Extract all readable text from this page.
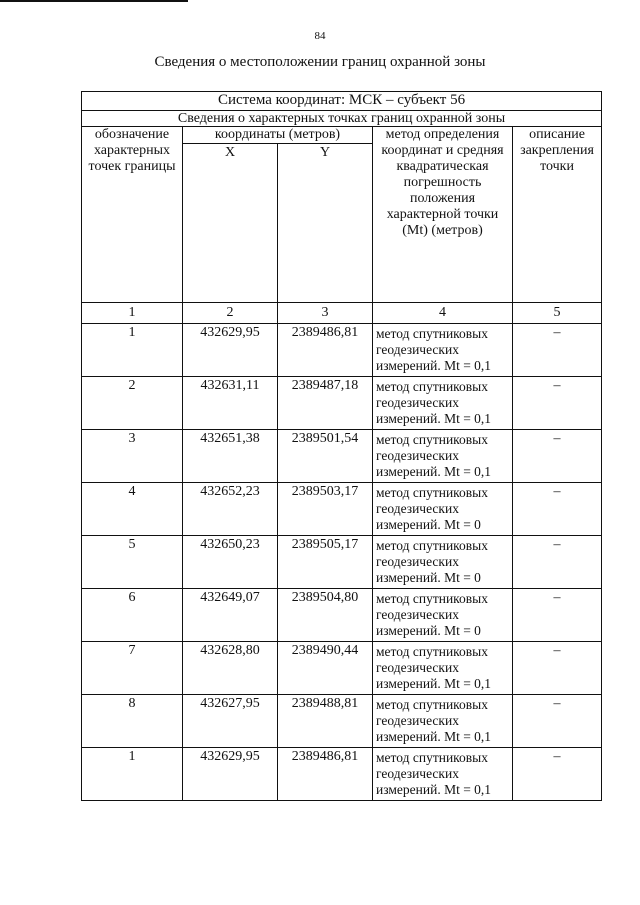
84
Сведения о местоположении границ охранной зоны
Система координат: МСК – субъект 56				
Сведения о характерных точках границ охранной зоны				
обозначение характерных точек границы	координаты (метров)		метод определения координат и средняя квадратическая погрешность положения характерной точки (Mt) (метров)	описание закрепления точки
	X	Y		
1	2	3	4	5
1	432629,95	2389486,81	метод спутниковых геодезических измерений. Mt = 0,1	–
2	432631,11	2389487,18	метод спутниковых геодезических измерений. Mt = 0,1	–
3	432651,38	2389501,54	метод спутниковых геодезических измерений. Mt = 0,1	–
4	432652,23	2389503,17	метод спутниковых геодезических измерений. Mt = 0	–
5	432650,23	2389505,17	метод спутниковых геодезических измерений. Mt = 0	–
6	432649,07	2389504,80	метод спутниковых геодезических измерений. Mt = 0	–
7	432628,80	2389490,44	метод спутниковых геодезических измерений. Mt = 0,1	–
8	432627,95	2389488,81	метод спутниковых геодезических измерений. Mt = 0,1	–
1	432629,95	2389486,81	метод спутниковых геодезических измерений. Mt = 0,1	–
